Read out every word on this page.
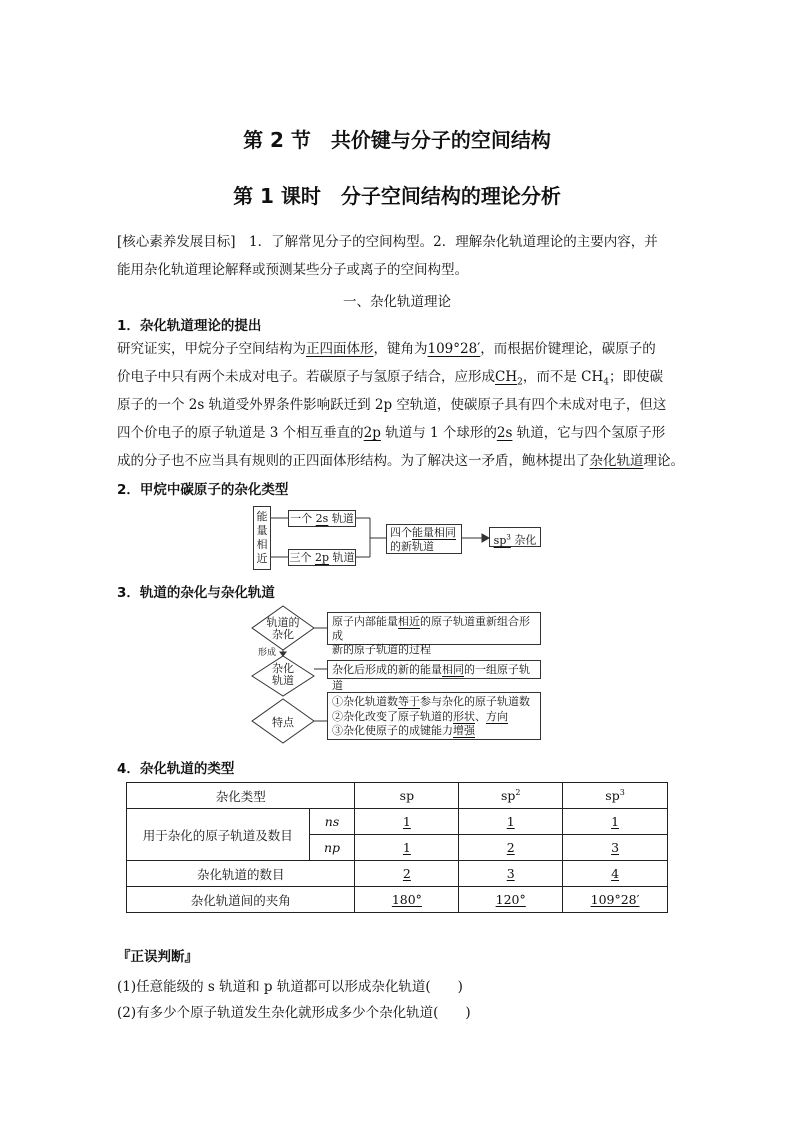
第 2 节　共价键与分子的空间结构
第 1 课时　分子空间结构的理论分析
[核心素养发展目标]　1．了解常见分子的空间构型。2．理解杂化轨道理论的主要内容，并
能用杂化轨道理论解释或预测某些分子或离子的空间构型。
一、杂化轨道理论
1．杂化轨道理论的提出
研究证实，甲烷分子空间结构为正四面体形，键角为109°28′，而根据价键理论，碳原子的
价电子中只有两个未成对电子。若碳原子与氢原子结合，应形成$CH_2$，而不是 $CH_4$；即使碳
原子的一个 2s 轨道受外界条件影响跃迁到 2p 空轨道，使碳原子具有四个未成对电子，但这
四个价电子的原子轨道是 3 个相互垂直的2p 轨道与 1 个球形的2s 轨道，它与四个氢原子形
成的分子也不应当具有规则的正四面体形结构。为了解决这一矛盾，鲍林提出了杂化轨道理论。
2．甲烷中碳原子的杂化类型
能
量
相
近
一个 2s 轨道
三个 2p 轨道
四个能量相同
的新轨道	$sp^3$ 杂化
3．轨道的杂化与杂化轨道
轨道的
杂化
杂化
轨道
特点
形成
原子内部能量相近的原子轨道重新组合形成
新的原子轨道的过程
杂化后形成的新的能量相同的一组原子轨道
①杂化轨道数等于参与杂化的原子轨道数
②杂化改变了原子轨道的形状、方向
③杂化使原子的成键能力增强
4．杂化轨道的类型
杂化类型		sp	$sp^2$	$sp^3$
用于杂化的原子轨道及数目	ns	1	1	1
	np	1	2	3
杂化轨道的数目		2	3	4
杂化轨道间的夹角		180°	120°	109°28′
『正误判断』
(1)任意能级的 s 轨道和 p 轨道都可以形成杂化轨道(　　)
(2)有多少个原子轨道发生杂化就形成多少个杂化轨道(　　)
